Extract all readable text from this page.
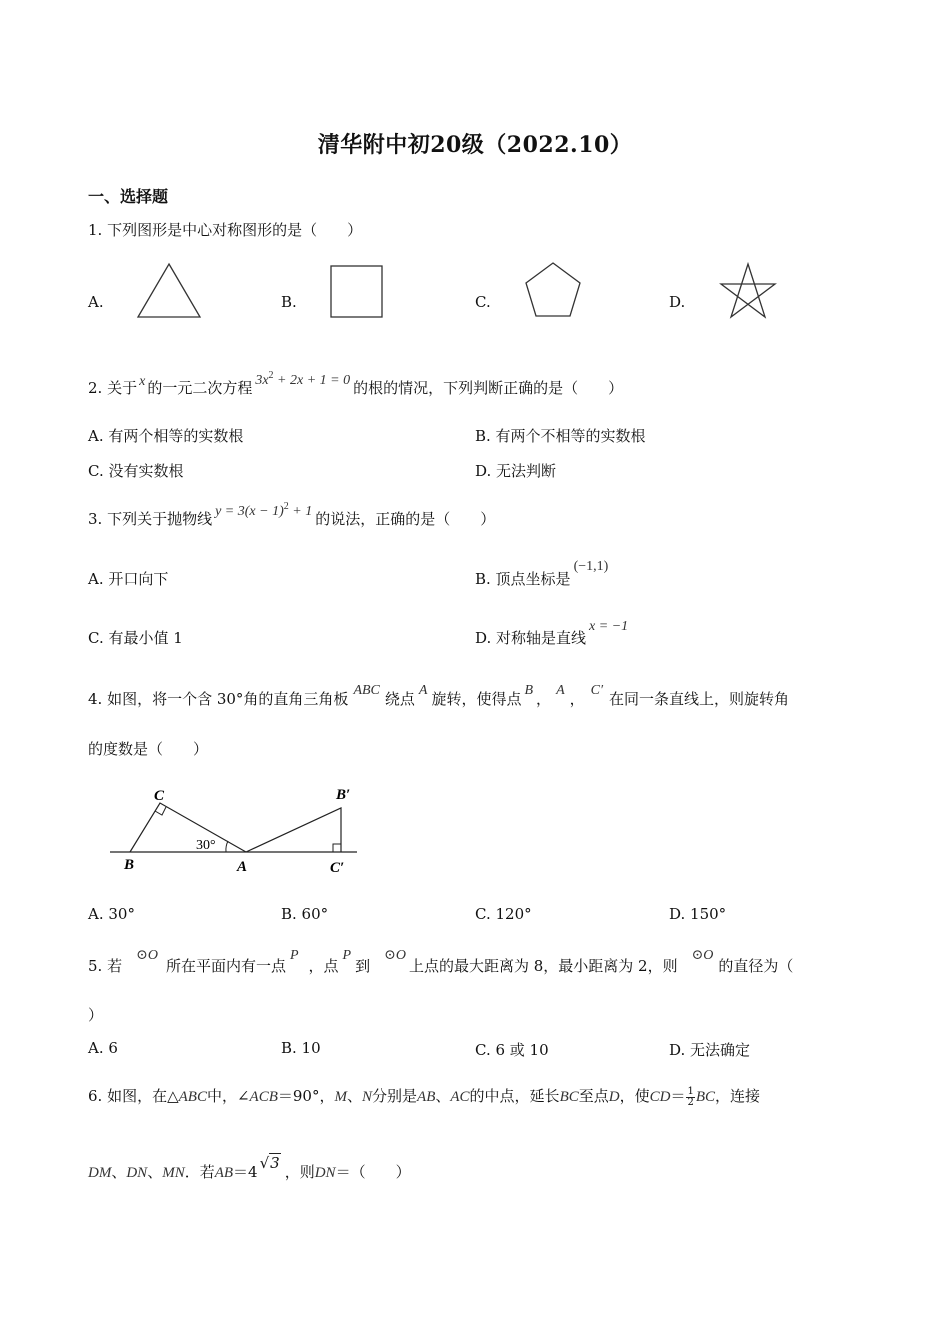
清华附中初20级（2022.10）
一、选择题
1. 下列图形是中心对称图形的是（　　）
A.	B.	C.	D.
2. 关于 x 的一元二次方程 $3x^2 + 2x + 1 = 0$ 的根的情况，下列判断正确的是（　　）
A. 有两个相等的实数根	B. 有两个不相等的实数根
C. 没有实数根	D. 无法判断
3. 下列关于抛物线 $y = 3(x - 1)^2 + 1$ 的说法，正确的是（　　）
A. 开口向下	B. 顶点坐标是(−1,1)
C. 有最小值 1	D. 对称轴是直线x = −1
4. 如图，将一个含 30°角的直角三角板 ABC 绕点 A 旋转，使得点 B ， A ， C′ 在同一条直线上，则旋转角
的度数是（　　）
C
B	A
B′
C′
30°
A. 30°	B. 60°	C. 120°	D. 150°
5. 若⊙O所在平面内有一点P，点P到⊙O上点的最大距离为 8，最小距离为 2，则⊙O的直径为（
）
A. 6	B. 10	C. 6 或 10	D. 无法确定
6. 如图，在△ABC中，∠ACB＝90°，M、N分别是AB、AC的中点，延长BC至点D，使$CD= \frac{1}{2}$ BC，连接
DM、DN、MN．若AB＝4 √3 ，则DN＝（　　）
